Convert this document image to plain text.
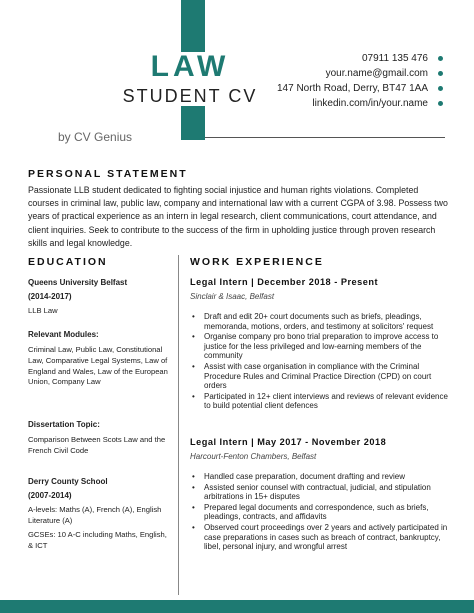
LAW
STUDENT CV
by CV Genius
07911 135 476
your.name@gmail.com
147 North Road, Derry, BT47 1AA
linkedin.com/in/your.name
PERSONAL STATEMENT
Passionate LLB student dedicated to fighting social injustice and human rights violations. Completed courses in criminal law, public law, company and international law with a current CGPA of 3.98. Possess two years of practical experience as an intern in legal research, client communications, court attendance, and client inquiries. Seek to contribute to the success of the firm in upholding justice through proven research skills and legal knowledge.
EDUCATION
Queens University Belfast
(2014-2017)
LLB Law
Relevant Modules:
Criminal Law, Public Law, Constitutional Law, Comparative Legal Systems, Law of England and Wales, Law of the European Union, Company Law
Dissertation Topic:
Comparison Between Scots Law and the French Civil Code
Derry County School
(2007-2014)
A-levels: Maths (A), French (A), English Literature (A)
GCSEs: 10 A-C including Maths, English, & ICT
WORK EXPERIENCE
Legal Intern | December 2018 - Present
Sinclair & Isaac, Belfast
• Draft and edit 20+ court documents such as briefs, pleadings, memoranda, motions, orders, and testimony at solicitors' request
• Organise company pro bono trial preparation to improve access to justice for the less privileged and low-earning members of the community
• Assist with case organisation in compliance with the Criminal Procedure Rules and Criminal Practice Direction (CPD) on court orders
• Participated in 12+ client interviews and reviews of relevant evidence to build potential client defences
Legal Intern | May 2017 - November 2018
Harcourt-Fenton Chambers, Belfast
• Handled case preparation, document drafting and review
• Assisted senior counsel with contractual, judicial, and stipulation arbitrations in 15+ disputes
• Prepared legal documents and correspondence, such as briefs, pleadings, contracts, and affidavits
• Observed court proceedings over 2 years and actively participated in case preparations in cases such as breach of contract, bankruptcy, libel, personal injury, and wrongful arrest
